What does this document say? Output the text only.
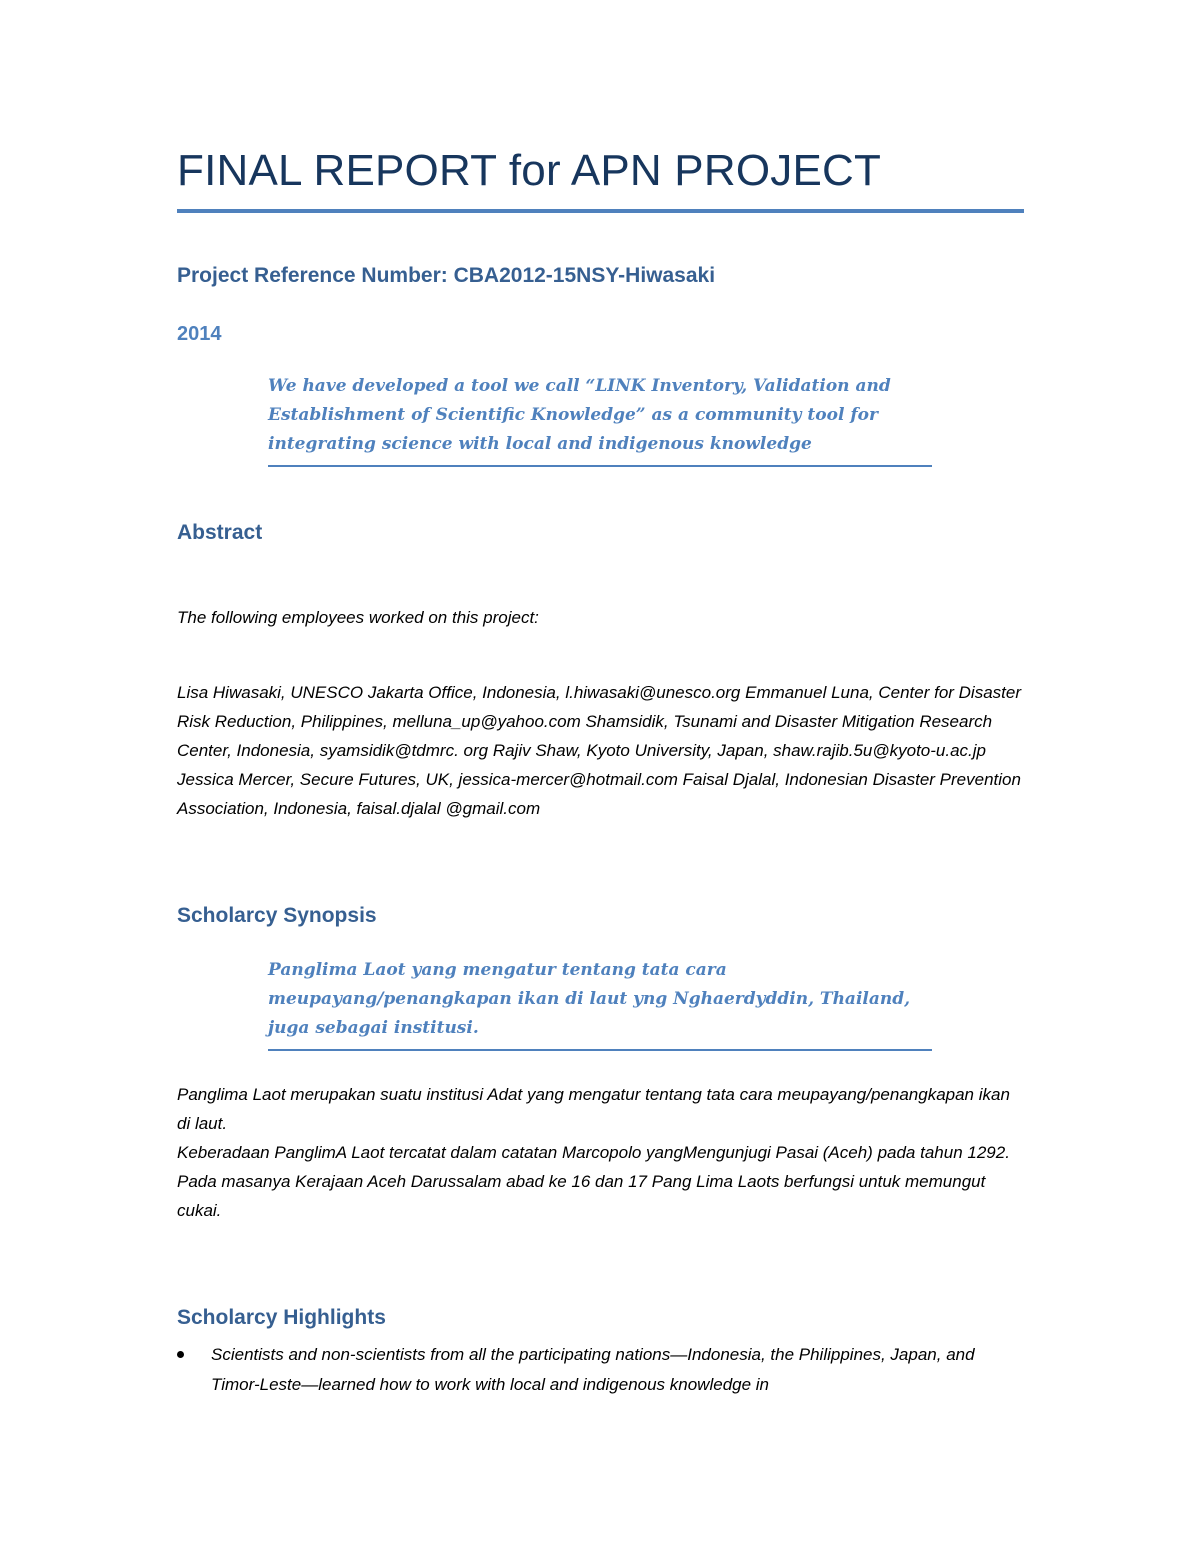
FINAL REPORT for APN PROJECT
Project Reference Number: CBA2012-15NSY-Hiwasaki
2014
We have developed a tool we call “LINK Inventory, Validation and Establishment of Scientific Knowledge” as a community tool for integrating science with local and indigenous knowledge
Abstract
The following employees worked on this project:
Lisa Hiwasaki, UNESCO Jakarta Office, Indonesia, l.hiwasaki@unesco.org Emmanuel Luna, Center for Disaster Risk Reduction, Philippines, melluna_up@yahoo.com Shamsidik, Tsunami and Disaster Mitigation Research Center, Indonesia, syamsidik@tdmrc. org Rajiv Shaw, Kyoto University, Japan, shaw.rajib.5u@kyoto-u.ac.jp Jessica Mercer, Secure Futures, UK, jessica-mercer@hotmail.com Faisal Djalal, Indonesian Disaster Prevention Association, Indonesia, faisal.djalal @gmail.com
Scholarcy Synopsis
Panglima Laot yang mengatur tentang tata cara meupayang/penangkapan ikan di laut yng Nghaerdyddin, Thailand, juga sebagai institusi.
Panglima Laot merupakan suatu institusi Adat yang mengatur tentang tata cara meupayang/penangkapan ikan di laut.
Keberadaan PanglimA Laot tercatat dalam catatan Marcopolo yangMengunjugi Pasai (Aceh) pada tahun 1292.
Pada masanya Kerajaan Aceh Darussalam abad ke 16 dan 17 Pang Lima Laots berfungsi untuk memungut cukai.
Scholarcy Highlights
Scientists and non-scientists from all the participating nations—Indonesia, the Philippines, Japan, and Timor-Leste—learned how to work with local and indigenous knowledge in
